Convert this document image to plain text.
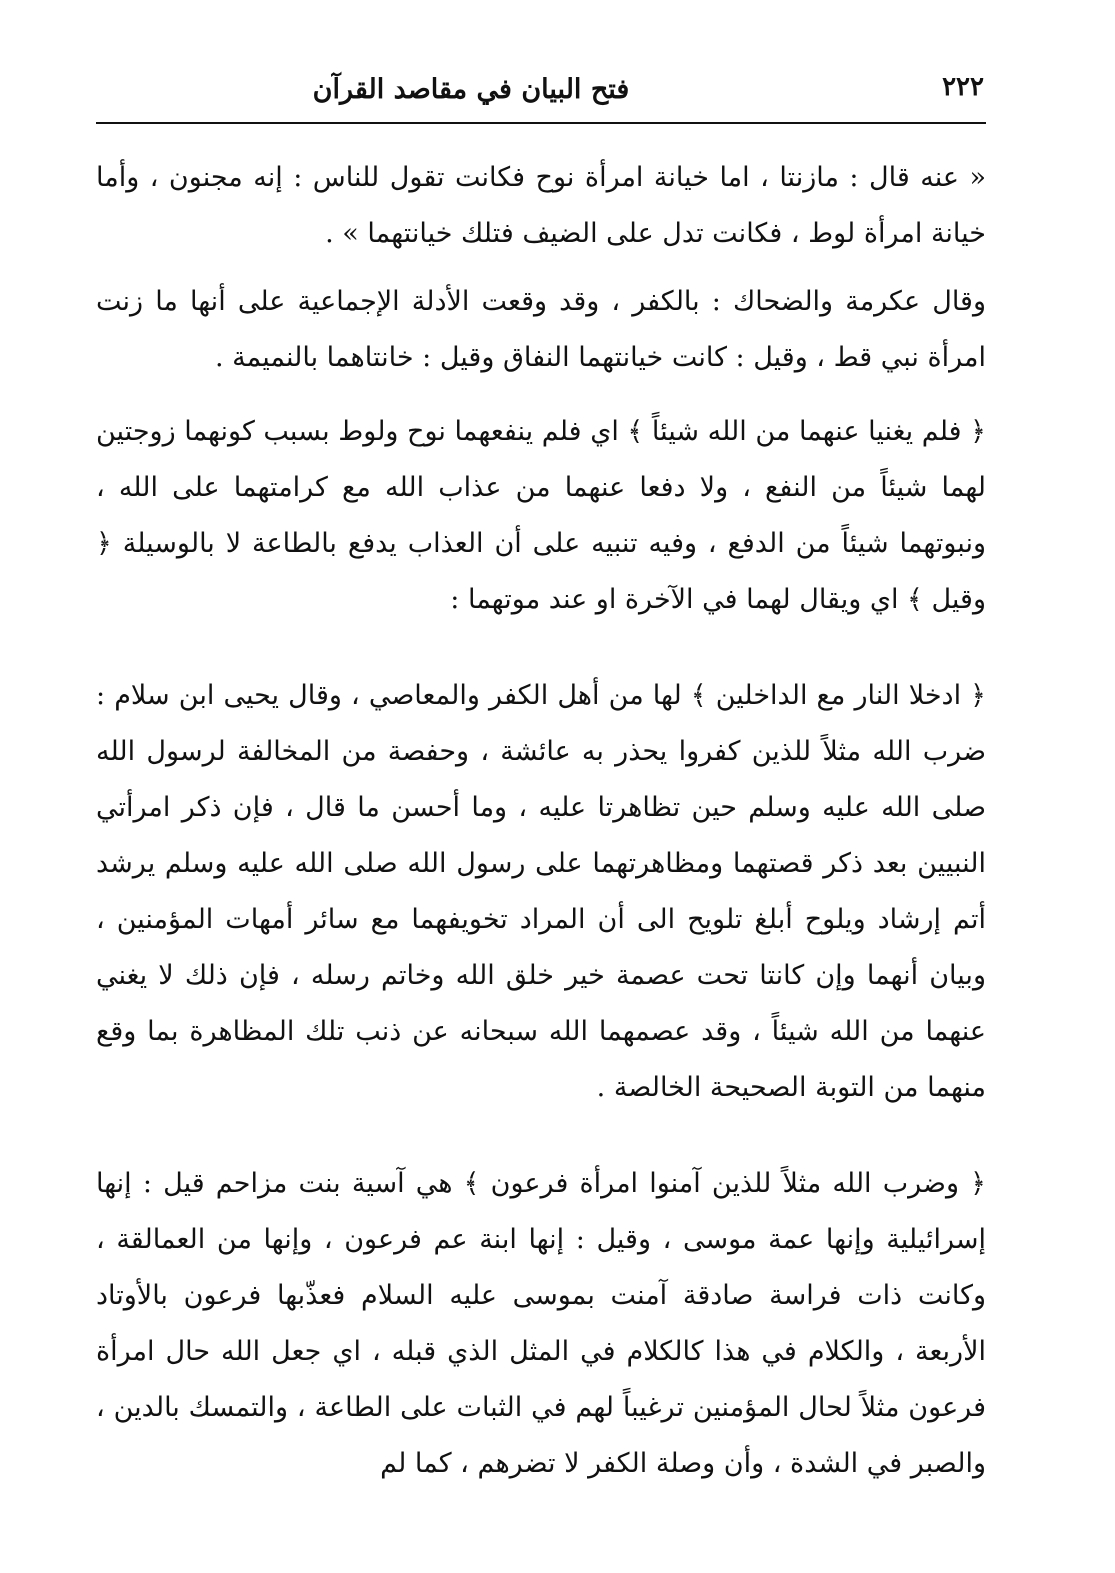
٢٢٢
فتح البيان في مقاصد القرآن

« عنه قال : مازنتا ، اما خيانة امرأة نوح فكانت تقول للناس : إنه مجنون ، وأما خيانة امرأة لوط ، فكانت تدل على الضيف فتلك خيانتهما » .

وقال عكرمة والضحاك : بالكفر ، وقد وقعت الأدلة الإجماعية على أنها ما زنت امرأة نبي قط ، وقيل : كانت خيانتهما النفاق وقيل : خانتاهما بالنميمة .

﴿ فلم يغنيا عنهما من الله شيئاً ﴾ اي فلم ينفعهما نوح ولوط بسبب كونهما زوجتين لهما شيئاً من النفع ، ولا دفعا عنهما من عذاب الله مع كرامتهما على الله ، ونبوتهما شيئاً من الدفع ، وفيه تنبيه على أن العذاب يدفع بالطاعة لا بالوسيلة ﴿ وقيل ﴾ اي ويقال لهما في الآخرة او عند موتهما :

﴿ ادخلا النار مع الداخلين ﴾ لها من أهل الكفر والمعاصي ، وقال يحيى ابن سلام : ضرب الله مثلاً للذين كفروا يحذر به عائشة ، وحفصة من المخالفة لرسول الله صلى الله عليه وسلم حين تظاهرتا عليه ، وما أحسن ما قال ، فإن ذكر امرأتي النبيين بعد ذكر قصتهما ومظاهرتهما على رسول الله صلى الله عليه وسلم يرشد أتم إرشاد ويلوح أبلغ تلويح الى أن المراد تخويفهما مع سائر أمهات المؤمنين ، وبيان أنهما وإن كانتا تحت عصمة خير خلق الله وخاتم رسله ، فإن ذلك لا يغني عنهما من الله شيئاً ، وقد عصمهما الله سبحانه عن ذنب تلك المظاهرة بما وقع منهما من التوبة الصحيحة الخالصة .

﴿ وضرب الله مثلاً للذين آمنوا امرأة فرعون ﴾ هي آسية بنت مزاحم قيل : إنها إسرائيلية وإنها عمة موسى ، وقيل : إنها ابنة عم فرعون ، وإنها من العمالقة ، وكانت ذات فراسة صادقة آمنت بموسى عليه السلام فعذّبها فرعون بالأوتاد الأربعة ، والكلام في هذا كالكلام في المثل الذي قبله ، اي جعل الله حال امرأة فرعون مثلاً لحال المؤمنين ترغيباً لهم في الثبات على الطاعة ، والتمسك بالدين ، والصبر في الشدة ، وأن وصلة الكفر لا تضرهم ، كما لم
